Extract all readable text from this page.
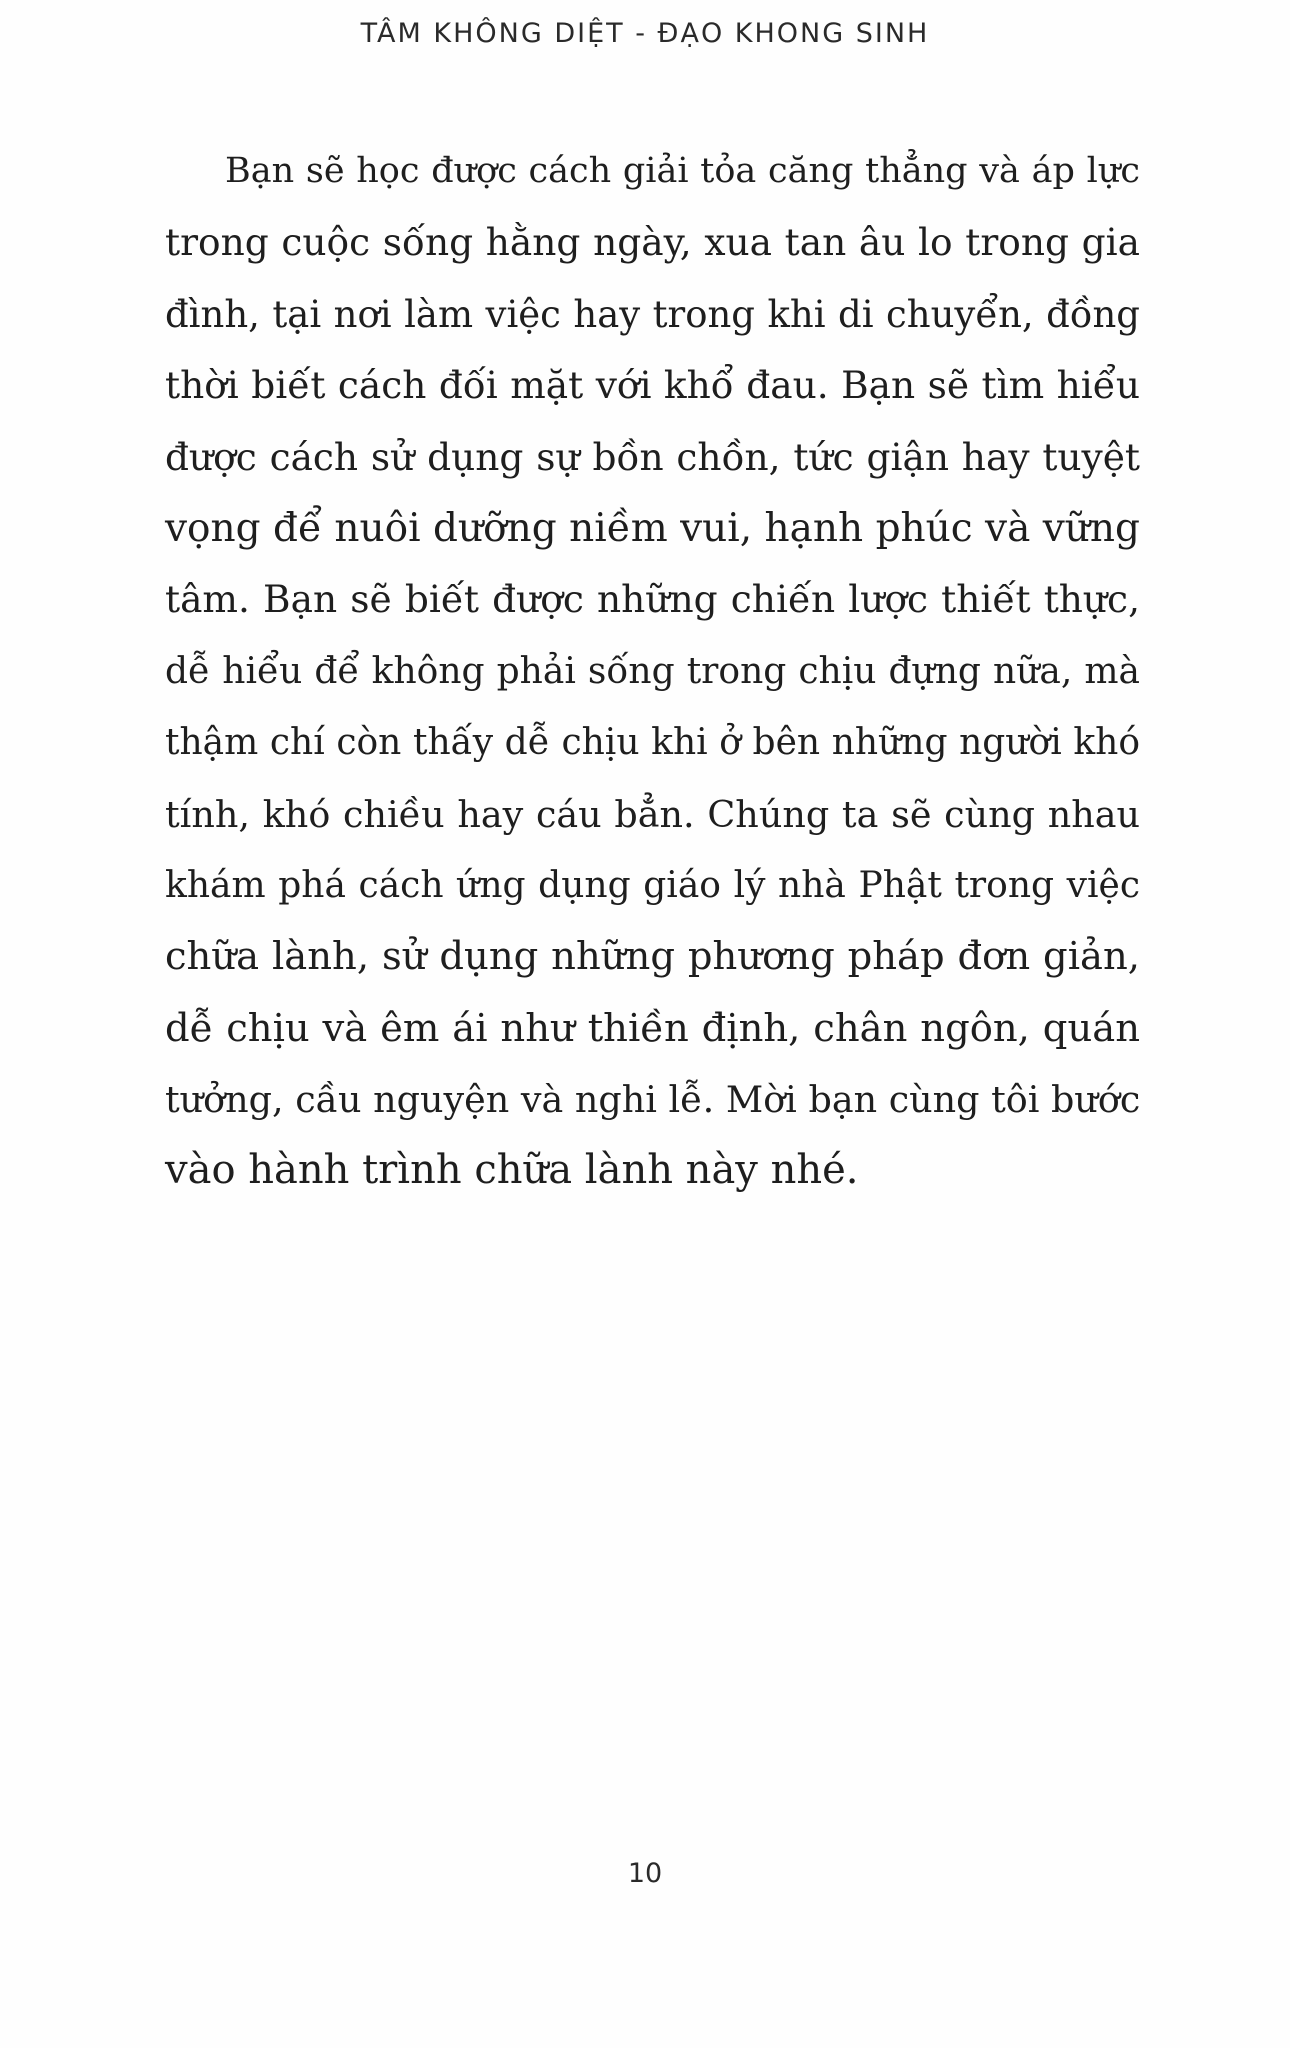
TÂM KHÔNG DIỆT - ĐẠO KHONG SINH
Bạn sẽ học được cách giải tỏa căng thẳng và áp lực
trong cuộc sống hằng ngày, xua tan âu lo trong gia
đình, tại nơi làm việc hay trong khi di chuyển, đồng
thời biết cách đối mặt với khổ đau. Bạn sẽ tìm hiểu
được cách sử dụng sự bồn chồn, tức giận hay tuyệt
vọng để nuôi dưỡng niềm vui, hạnh phúc và vững
tâm. Bạn sẽ biết được những chiến lược thiết thực,
dễ hiểu để không phải sống trong chịu đựng nữa, mà
thậm chí còn thấy dễ chịu khi ở bên những người khó
tính, khó chiều hay cáu bẳn. Chúng ta sẽ cùng nhau
khám phá cách ứng dụng giáo lý nhà Phật trong việc
chữa lành, sử dụng những phương pháp đơn giản,
dễ chịu và êm ái như thiền định, chân ngôn, quán
tưởng, cầu nguyện và nghi lễ. Mời bạn cùng tôi bước
vào hành trình chữa lành này nhé.
10
